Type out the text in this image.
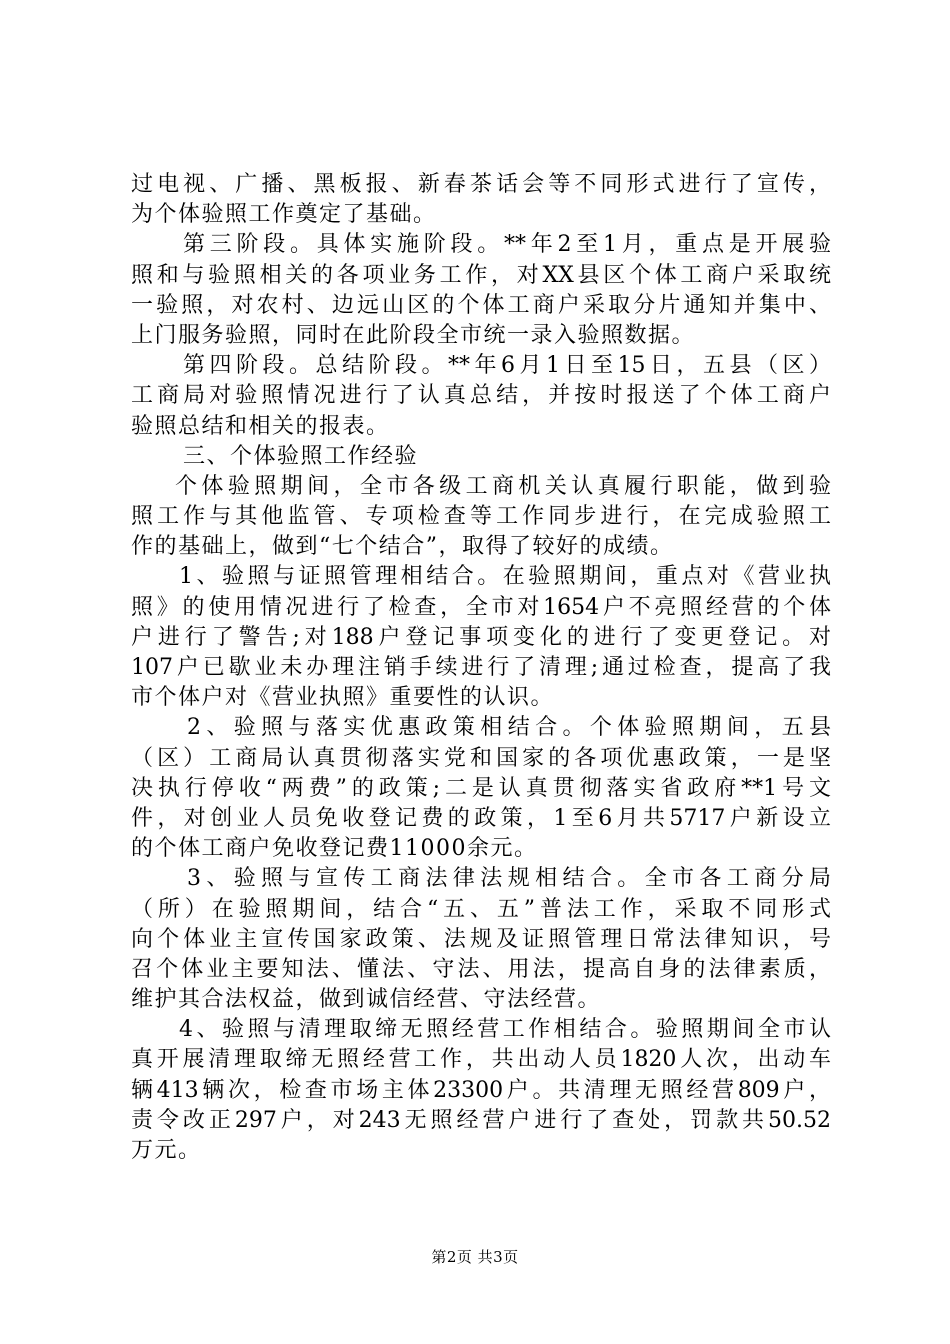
过电视、广播、黑板报、新春茶话会等不同形式进行了宣传，
为个体验照工作奠定了基础。
第三阶段。具体实施阶段。**年2至1月，重点是开展验
照和与验照相关的各项业务工作，对XX县区个体工商户采取统
一验照，对农村、边远山区的个体工商户采取分片通知并集中、
上门服务验照，同时在此阶段全市统一录入验照数据。
第四阶段。总结阶段。**年6月1日至15日，五县（区）
工商局对验照情况进行了认真总结，并按时报送了个体工商户
验照总结和相关的报表。
三、个体验照工作经验
个体验照期间，全市各级工商机关认真履行职能，做到验
照工作与其他监管、专项检查等工作同步进行，在完成验照工
作的基础上，做到“七个结合”，取得了较好的成绩。
1、验照与证照管理相结合。在验照期间，重点对《营业执
照》的使用情况进行了检查，全市对1654户不亮照经营的个体
户进行了警告;对188户登记事项变化的进行了变更登记。对
107户已歇业未办理注销手续进行了清理;通过检查，提高了我
市个体户对《营业执照》重要性的认识。
2、验照与落实优惠政策相结合。个体验照期间，五县
（区）工商局认真贯彻落实党和国家的各项优惠政策，一是坚
决执行停收“两费”的政策;二是认真贯彻落实省政府**1号文
件，对创业人员免收登记费的政策，1至6月共5717户新设立
的个体工商户免收登记费11000余元。
3、验照与宣传工商法律法规相结合。全市各工商分局
（所）在验照期间，结合“五、五”普法工作，采取不同形式
向个体业主宣传国家政策、法规及证照管理日常法律知识，号
召个体业主要知法、懂法、守法、用法，提高自身的法律素质，
维护其合法权益，做到诚信经营、守法经营。
4、验照与清理取缔无照经营工作相结合。验照期间全市认
真开展清理取缔无照经营工作，共出动人员1820人次，出动车
辆413辆次，检查市场主体23300户。共清理无照经营809户，
责令改正297户，对243无照经营户进行了查处，罚款共50.52
万元。
第2页 共3页
